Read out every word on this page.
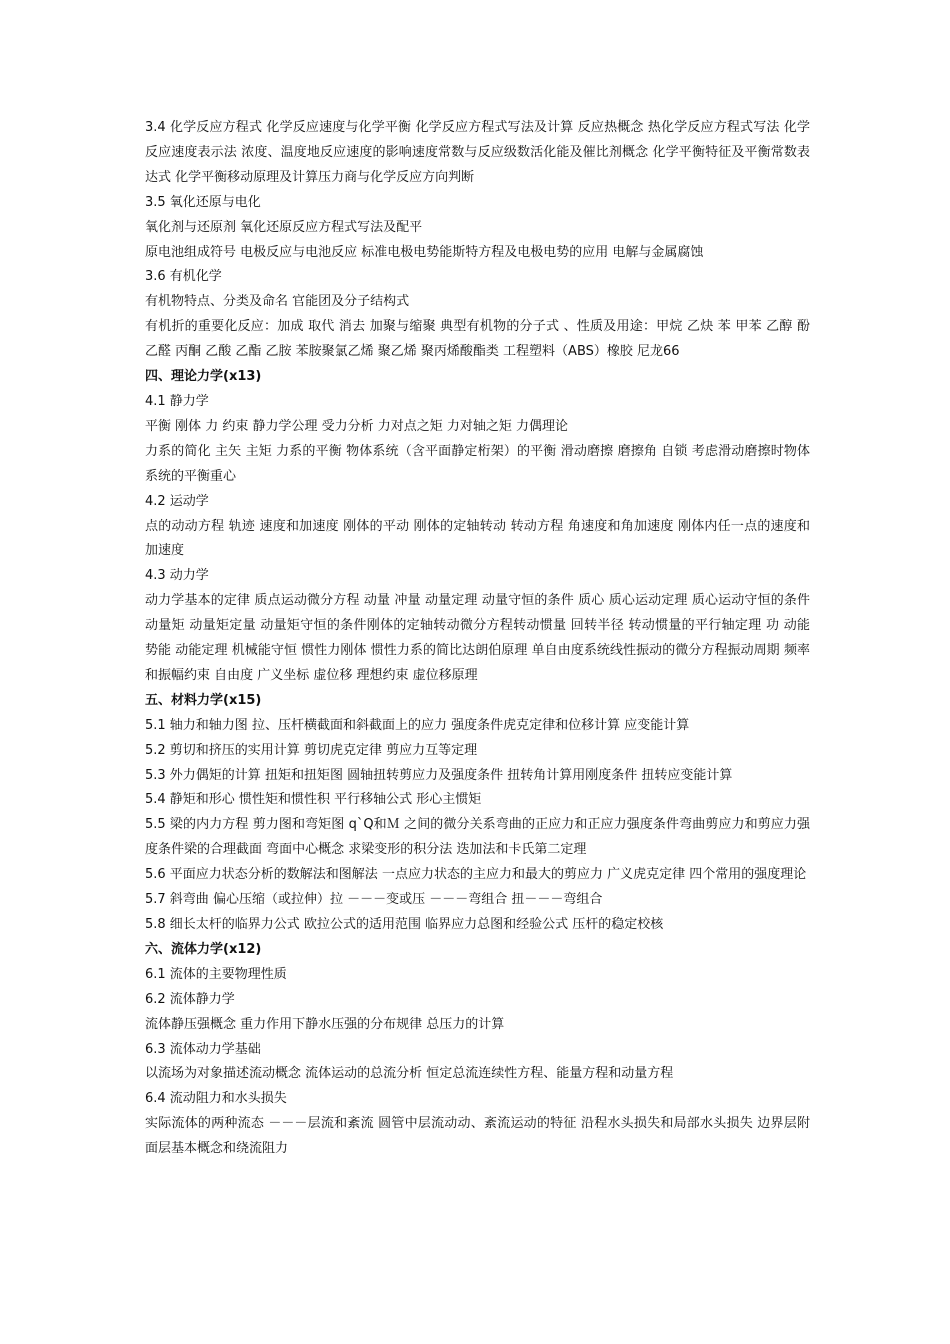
3.4 化学反应方程式 化学反应速度与化学平衡 化学反应方程式写法及计算 反应热概念 热化学反应方程式写法 化学反应速度表示法 浓度、温度地反应速度的影响速度常数与反应级数活化能及催比剂概念 化学平衡特征及平衡常数表达式 化学平衡移动原理及计算压力商与化学反应方向判断

3.5 氧化还原与电化

氧化剂与还原剂 氧化还原反应方程式写法及配平

原电池组成符号 电极反应与电池反应 标准电极电势能斯特方程及电极电势的应用 电解与金属腐蚀

3.6 有机化学

有机物特点、分类及命名 官能团及分子结构式

有机折的重要化反应：加成 取代 消去 加聚与缩聚 典型有机物的分子式 、性质及用途：甲烷 乙炔 苯 甲苯 乙醇 酚乙醛 丙酮 乙酸 乙酯 乙胺 苯胺聚氯乙烯 聚乙烯 聚丙烯酸酯类 工程塑料（ABS）橡胶 尼龙66

四、理论力学(x13)

4.1 静力学

平衡 刚体 力 约束 静力学公理 受力分析 力对点之矩 力对轴之矩 力偶理论

力系的简化 主矢 主矩 力系的平衡 物体系统（含平面静定桁架）的平衡 滑动磨擦 磨擦角 自锁 考虑滑动磨擦时物体系统的平衡重心

4.2 运动学

点的动动方程 轨迹 速度和加速度 刚体的平动 刚体的定轴转动 转动方程 角速度和角加速度 刚体内任一点的速度和加速度

4.3 动力学

动力学基本的定律 质点运动微分方程 动量 冲量 动量定理 动量守恒的条件 质心 质心运动定理 质心运动守恒的条件 动量矩 动量矩定量 动量矩守恒的条件刚体的定轴转动微分方程转动惯量 回转半径 转动惯量的平行轴定理 功 动能 势能 动能定理 机械能守恒 惯性力刚体 惯性力系的简比达朗伯原理 单自由度系统线性振动的微分方程振动周期 频率和振幅约束 自由度 广义坐标 虚位移 理想约束 虚位移原理

五、材料力学(x15)

5.1 轴力和轴力图 拉、压杆横截面和斜截面上的应力 强度条件虎克定律和位移计算 应变能计算

5.2 剪切和挤压的实用计算 剪切虎克定律 剪应力互等定理

5.3 外力偶矩的计算 扭矩和扭矩图 圆轴扭转剪应力及强度条件 扭转角计算用刚度条件 扭转应变能计算

5.4 静矩和形心 惯性矩和惯性积 平行移轴公式 形心主惯矩

5.5 梁的内力方程 剪力图和弯矩图 q`Q和Ｍ 之间的微分关系弯曲的正应力和正应力强度条件弯曲剪应力和剪应力强度条件梁的合理截面 弯面中心概念 求梁变形的积分法 迭加法和卡氏第二定理

5.6 平面应力状态分析的数解法和图解法 一点应力状态的主应力和最大的剪应力 广义虎克定律 四个常用的强度理论

5.7 斜弯曲 偏心压缩（或拉伸）拉 －－－变或压 －－－弯组合 扭－－－弯组合

5.8 细长太杆的临界力公式 欧拉公式的适用范围 临界应力总图和经验公式 压杆的稳定校核

六、流体力学(x12)

6.1 流体的主要物理性质

6.2 流体静力学

流体静压强概念 重力作用下静水压强的分布规律 总压力的计算

6.3 流体动力学基础

以流场为对象描述流动概念 流体运动的总流分析 恒定总流连续性方程、能量方程和动量方程

6.4 流动阻力和水头损失

实际流体的两种流态 －－－层流和紊流 圆管中层流动动、紊流运动的特征 沿程水头损失和局部水头损失 边界层附面层基本概念和绕流阻力
